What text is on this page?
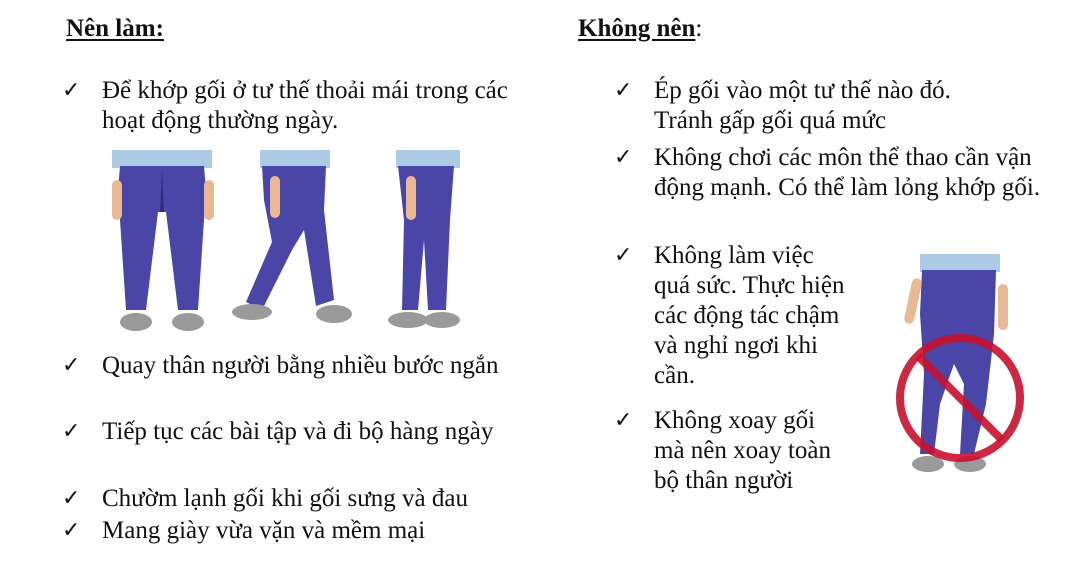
Nên làm:
✓ Để khớp gối ở tư thế thoải mái trong các hoạt động thường ngày.
✓ Quay thân người bằng nhiều bước ngắn
✓ Tiếp tục các bài tập và đi bộ hàng ngày
✓ Chườm lạnh gối khi gối sưng và đau
✓ Mang giày vừa vặn và mềm mại
Không nên:
✓ Ép gối vào một tư thế nào đó. Tránh gấp gối quá mức
✓ Không chơi các môn thể thao cần vận động mạnh. Có thể làm lỏng khớp gối.
✓ Không làm việc quá sức. Thực hiện các động tác chậm và nghỉ ngơi khi cần.
✓ Không xoay gối mà nên xoay toàn bộ thân người
